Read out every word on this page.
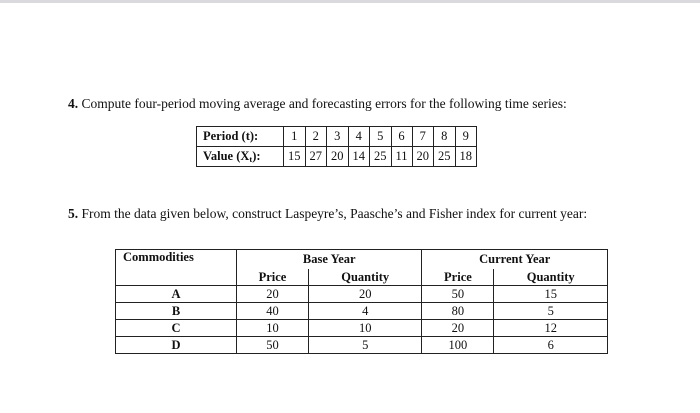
4. Compute four-period moving average and forecasting errors for the following time series:
Period (t):	1	2	3	4	5	6	7	8	9
Value $(X_t)$:	15	27	20	14	25	11	20	25	18
5. From the data given below, construct Laspeyre’s, Paasche’s and Fisher index for current year:
Commodities	Base Year		Current Year	
	Price	Quantity	Price	Quantity
A	20	20	50	15
B	40	4	80	5
C	10	10	20	12
D	50	5	100	6
